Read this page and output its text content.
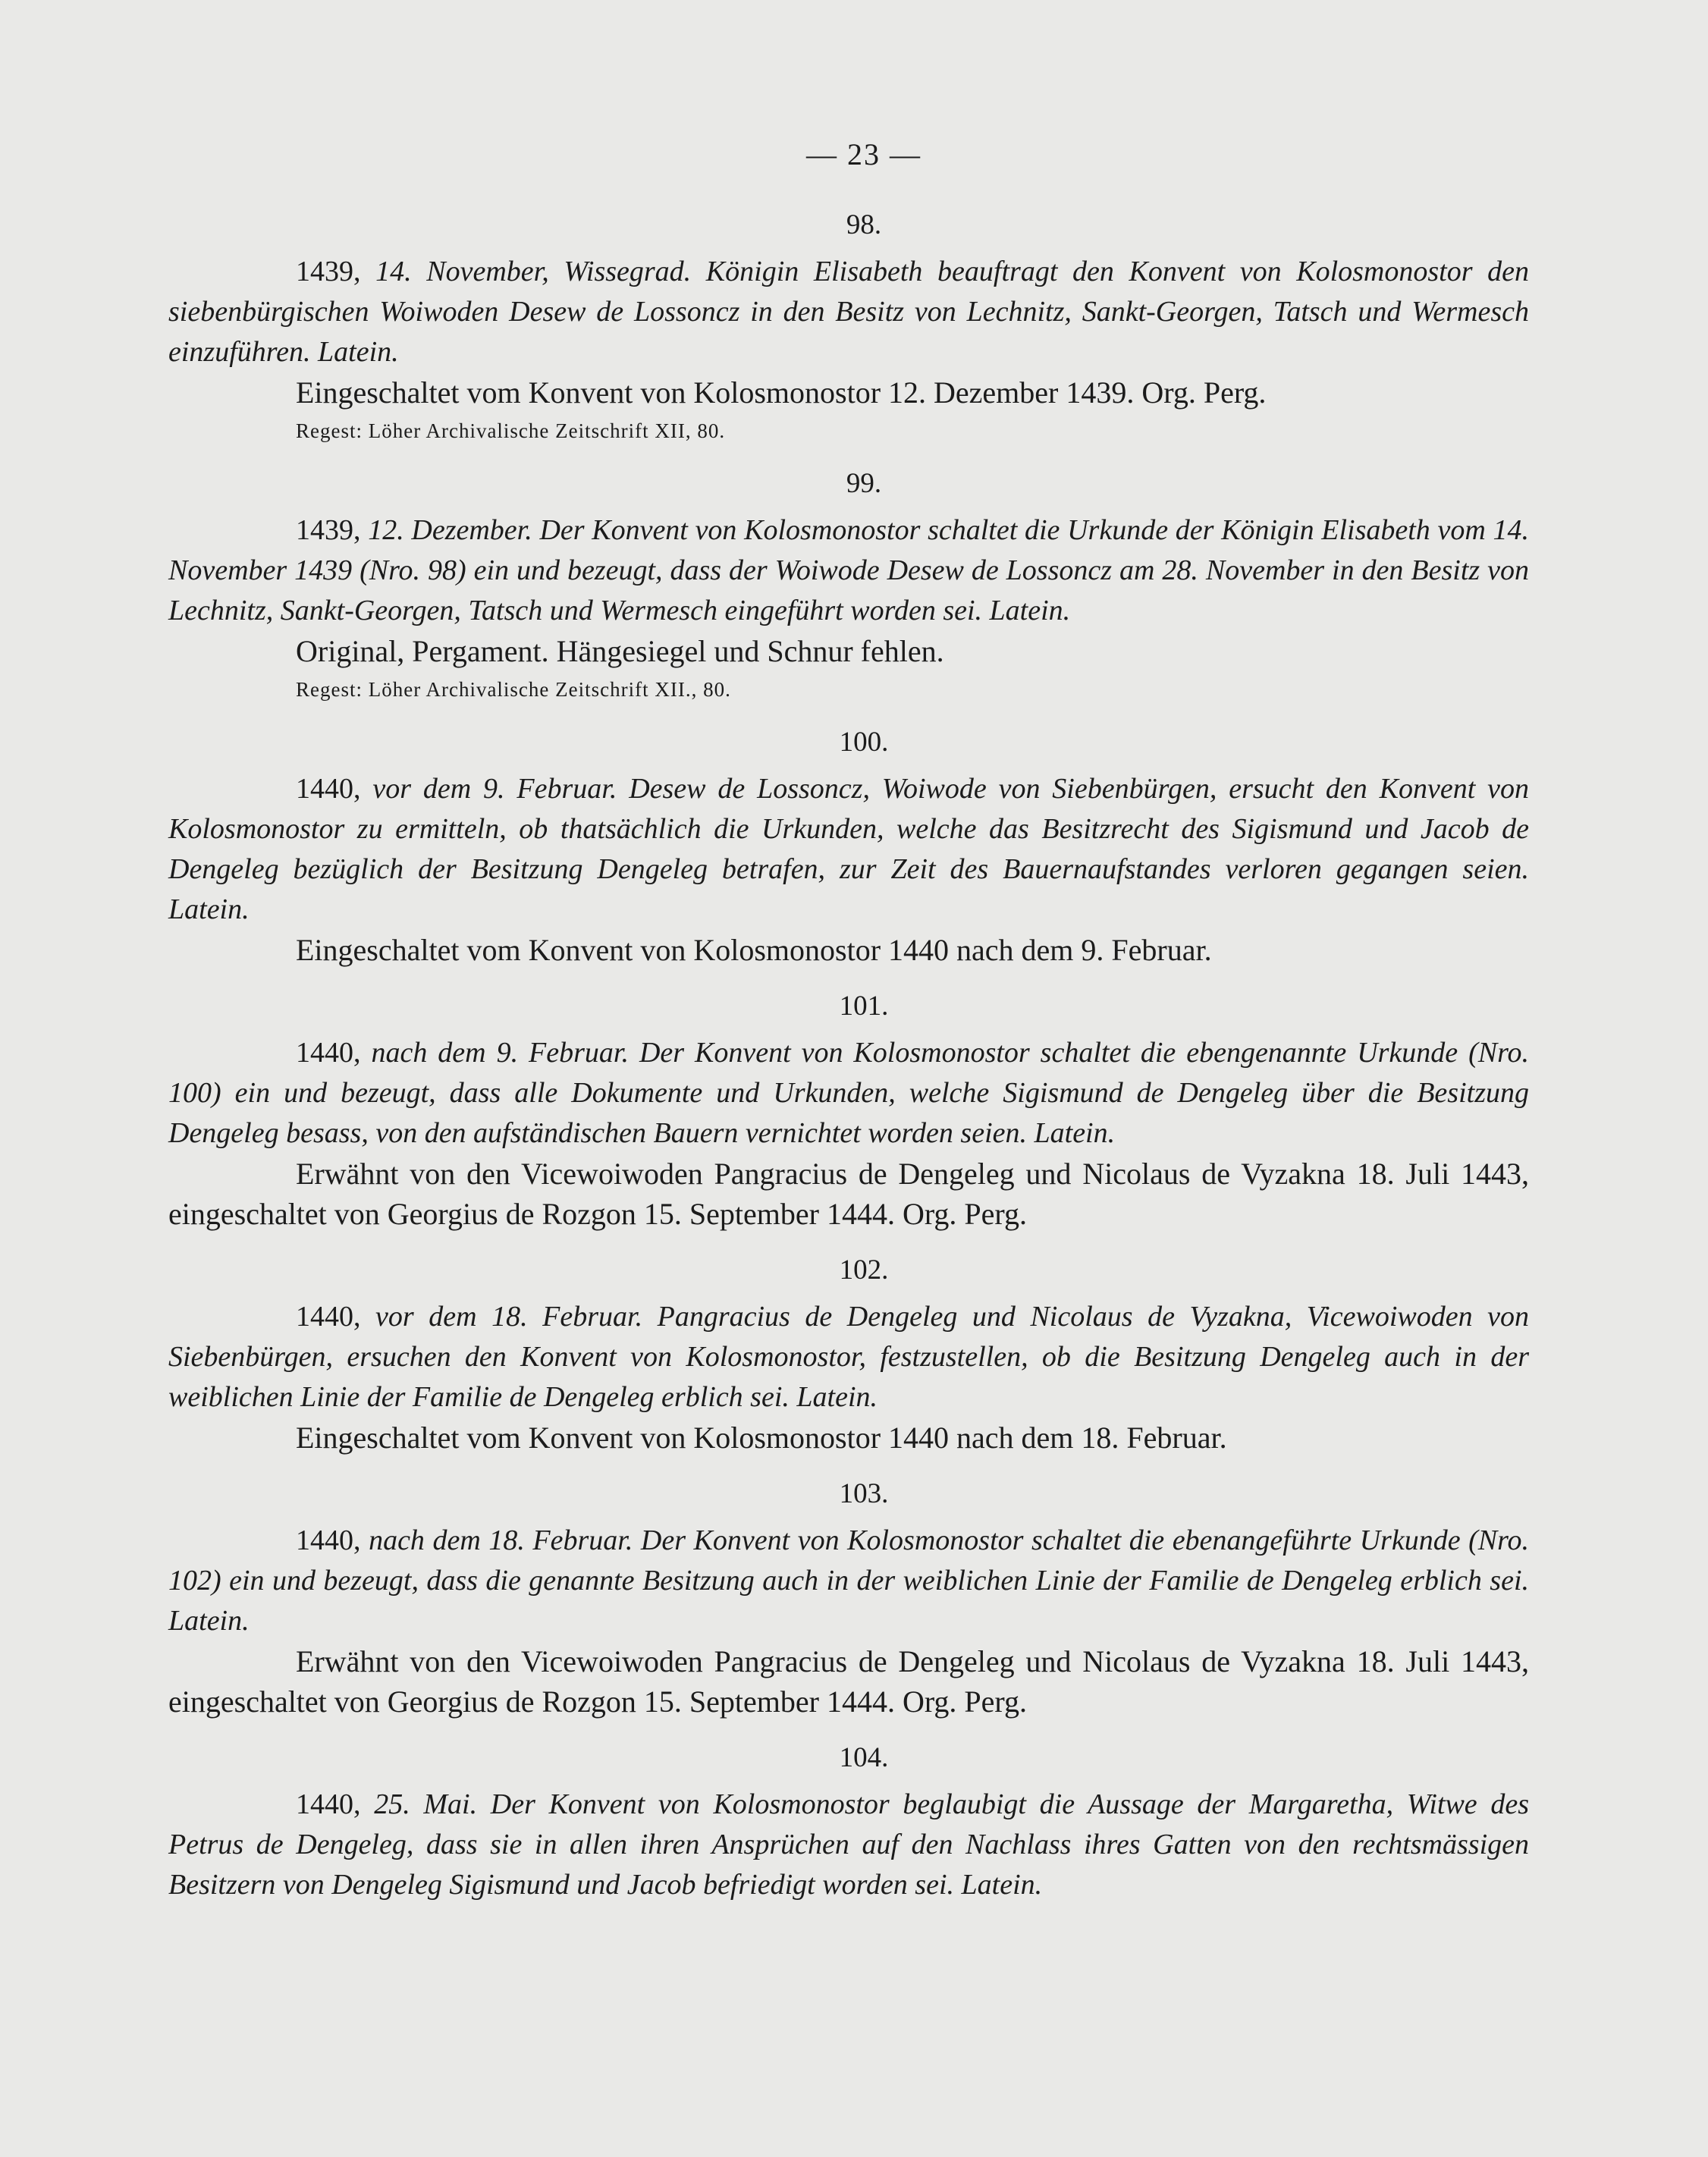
— 23 —
98.

1439, 14. November, Wissegrad. Königin Elisabeth beauftragt den Konvent von Kolosmonostor den siebenbürgischen Woiwoden Desew de Lossoncz in den Besitz von Lechnitz, Sankt-Georgen, Tatsch und Wermesch einzuführen. Latein.

Eingeschaltet vom Konvent von Kolosmonostor 12. Dezember 1439. Org. Perg.

Regest: Löher Archivalische Zeitschrift XII, 80.

99.

1439, 12. Dezember. Der Konvent von Kolosmonostor schaltet die Urkunde der Königin Elisabeth vom 14. November 1439 (Nro. 98) ein und bezeugt, dass der Woiwode Desew de Lossoncz am 28. November in den Besitz von Lechnitz, Sankt-Georgen, Tatsch und Wermesch eingeführt worden sei. Latein.

Original, Pergament. Hängesiegel und Schnur fehlen.

Regest: Löher Archivalische Zeitschrift XII., 80.

100.

1440, vor dem 9. Februar. Desew de Lossoncz, Woiwode von Siebenbürgen, ersucht den Konvent von Kolosmonostor zu ermitteln, ob thatsächlich die Urkunden, welche das Besitzrecht des Sigismund und Jacob de Dengeleg bezüglich der Besitzung Dengeleg betrafen, zur Zeit des Bauernaufstandes verloren gegangen seien. Latein.

Eingeschaltet vom Konvent von Kolosmonostor 1440 nach dem 9. Februar.

101.

1440, nach dem 9. Februar. Der Konvent von Kolosmonostor schaltet die ebengenannte Urkunde (Nro. 100) ein und bezeugt, dass alle Dokumente und Urkunden, welche Sigismund de Dengeleg über die Besitzung Dengeleg besass, von den aufständischen Bauern vernichtet worden seien. Latein.

Erwähnt von den Vicewoiwoden Pangracius de Dengeleg und Nicolaus de Vyzakna 18. Juli 1443, eingeschaltet von Georgius de Rozgon 15. September 1444. Org. Perg.

102.

1440, vor dem 18. Februar. Pangracius de Dengeleg und Nicolaus de Vyzakna, Vicewoiwoden von Siebenbürgen, ersuchen den Konvent von Kolosmonostor, festzustellen, ob die Besitzung Dengeleg auch in der weiblichen Linie der Familie de Dengeleg erblich sei. Latein.

Eingeschaltet vom Konvent von Kolosmonostor 1440 nach dem 18. Februar.

103.

1440, nach dem 18. Februar. Der Konvent von Kolosmonostor schaltet die ebenangeführte Urkunde (Nro. 102) ein und bezeugt, dass die genannte Besitzung auch in der weiblichen Linie der Familie de Dengeleg erblich sei. Latein.

Erwähnt von den Vicewoiwoden Pangracius de Dengeleg und Nicolaus de Vyzakna 18. Juli 1443, eingeschaltet von Georgius de Rozgon 15. September 1444. Org. Perg.

104.

1440, 25. Mai. Der Konvent von Kolosmonostor beglaubigt die Aussage der Margaretha, Witwe des Petrus de Dengeleg, dass sie in allen ihren Ansprüchen auf den Nachlass ihres Gatten von den rechtsmässigen Besitzern von Dengeleg Sigismund und Jacob befriedigt worden sei. Latein.
